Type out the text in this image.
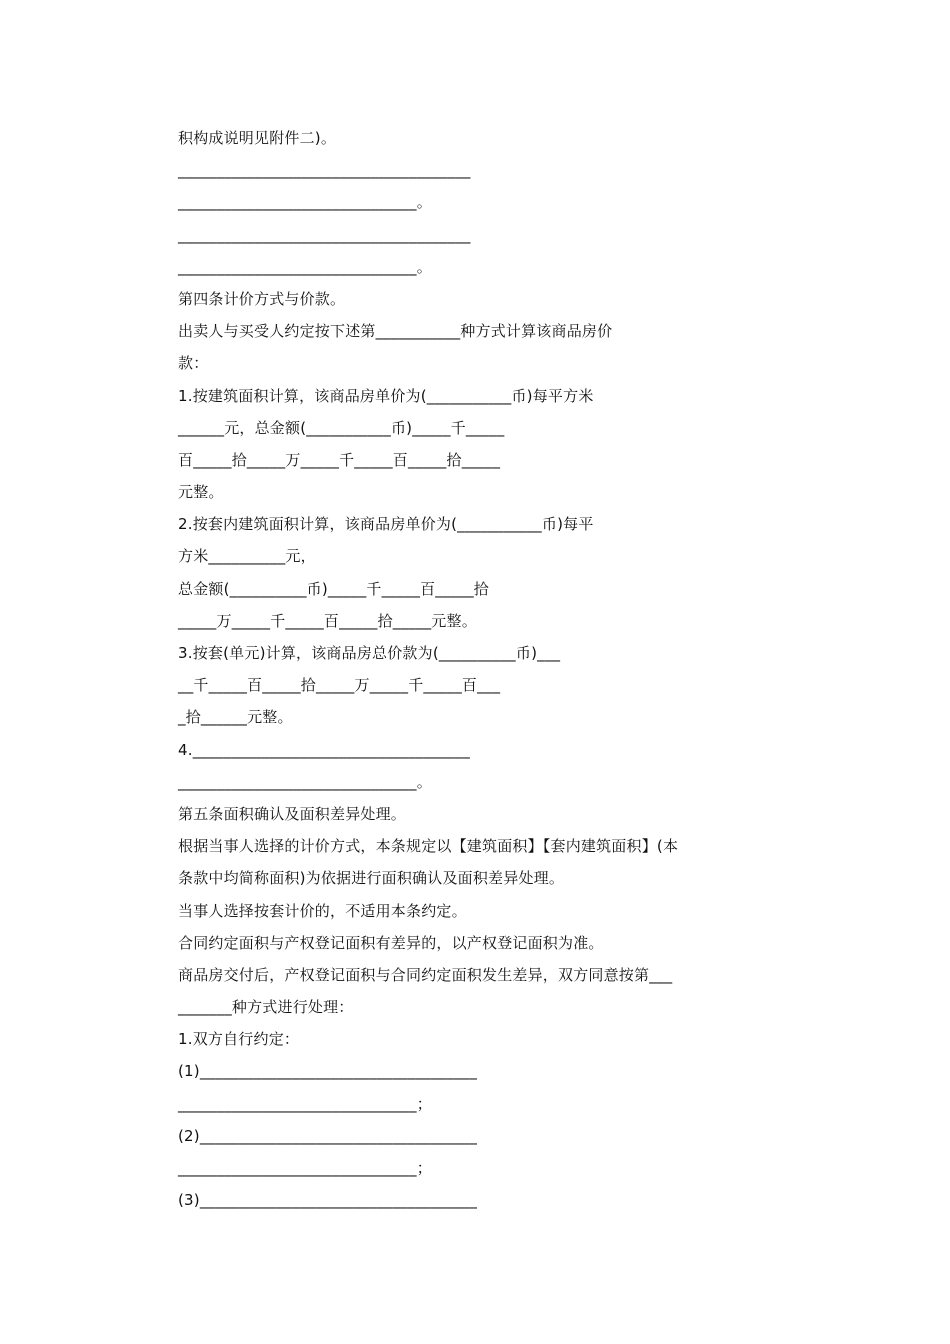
积构成说明见附件二)。
______________________________________
_______________________________。
______________________________________
_______________________________。
第四条计价方式与价款。
出卖人与买受人约定按下述第___________种方式计算该商品房价
款：
1.按建筑面积计算，该商品房单价为(___________币)每平方米
______元，总金额(___________币)_____千_____
百_____拾_____万_____千_____百_____拾_____
元整。
2.按套内建筑面积计算，该商品房单价为(___________币)每平
方米__________元，
总金额(__________币)_____千_____百_____拾
_____万_____千_____百_____拾_____元整。
3.按套(单元)计算，该商品房总价款为(__________币)___
__千_____百_____拾_____万_____千_____百___
_拾______元整。
4.____________________________________
_______________________________。
第五条面积确认及面积差异处理。
根据当事人选择的计价方式，本条规定以【建筑面积】【套内建筑面积】(本
条款中均简称面积)为依据进行面积确认及面积差异处理。
当事人选择按套计价的，不适用本条约定。
合同约定面积与产权登记面积有差异的，以产权登记面积为准。
商品房交付后，产权登记面积与合同约定面积发生差异，双方同意按第___
_______种方式进行处理：
1.双方自行约定：
(1)____________________________________
_______________________________；
(2)____________________________________
_______________________________；
(3)____________________________________
